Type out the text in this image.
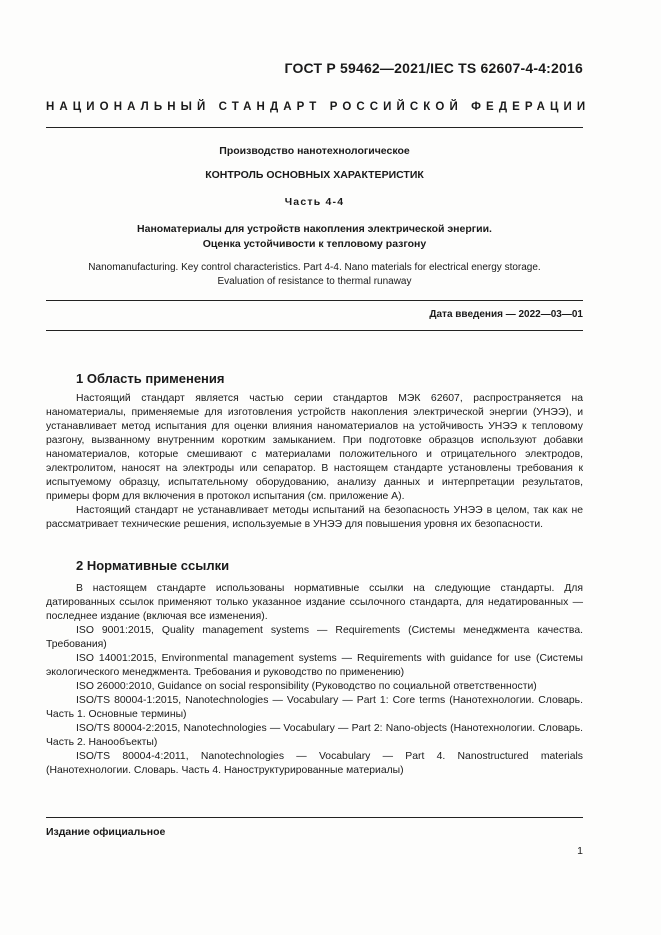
ГОСТ Р 59462—2021/IEC TS 62607-4-4:2016
НАЦИОНАЛЬНЫЙ СТАНДАРТ РОССИЙСКОЙ ФЕДЕРАЦИИ
Производство нанотехнологическое
КОНТРОЛЬ ОСНОВНЫХ ХАРАКТЕРИСТИК
Часть 4-4
Наноматериалы для устройств накопления электрической энергии.
Оценка устойчивости к тепловому разгону
Nanomanufacturing. Key control characteristics. Part 4-4. Nano materials for electrical energy storage.
Evaluation of resistance to thermal runaway
Дата введения — 2022—03—01
1 Область применения

Настоящий стандарт является частью серии стандартов МЭК 62607, распространяется на наноматериалы, применяемые для изготовления устройств накопления электрической энергии (УНЭЭ), и устанавливает метод испытания для оценки влияния наноматериалов на устойчивость УНЭЭ к тепловому разгону, вызванному внутренним коротким замыканием. При подготовке образцов используют добавки наноматериалов, которые смешивают с материалами положительного и отрицательного электродов, электролитом, наносят на электроды или сепаратор. В настоящем стандарте установлены требования к испытуемому образцу, испытательному оборудованию, анализу данных и интерпретации результатов, примеры форм для включения в протокол испытания (см. приложение А).

Настоящий стандарт не устанавливает методы испытаний на безопасность УНЭЭ в целом, так как не рассматривает технические решения, используемые в УНЭЭ для повышения уровня их безопасности.

2 Нормативные ссылки

В настоящем стандарте использованы нормативные ссылки на следующие стандарты. Для датированных ссылок применяют только указанное издание ссылочного стандарта, для недатированных — последнее издание (включая все изменения).

ISO 9001:2015, Quality management systems — Requirements (Системы менеджмента качества. Требования)

ISO 14001:2015, Environmental management systems — Requirements with guidance for use (Системы экологического менеджмента. Требования и руководство по применению)

ISO 26000:2010, Guidance on social responsibility (Руководство по социальной ответственности)

ISO/TS 80004-1:2015, Nanotechnologies — Vocabulary — Part 1: Core terms (Нанотехнологии. Словарь. Часть 1. Основные термины)

ISO/TS 80004-2:2015, Nanotechnologies — Vocabulary — Part 2: Nano-objects (Нанотехнологии. Словарь. Часть 2. Нанообъекты)

ISO/TS 80004-4:2011, Nanotechnologies — Vocabulary — Part 4. Nanostructured materials (Нанотехнологии. Словарь. Часть 4. Наноструктурированные материалы)

Издание официальное
1
